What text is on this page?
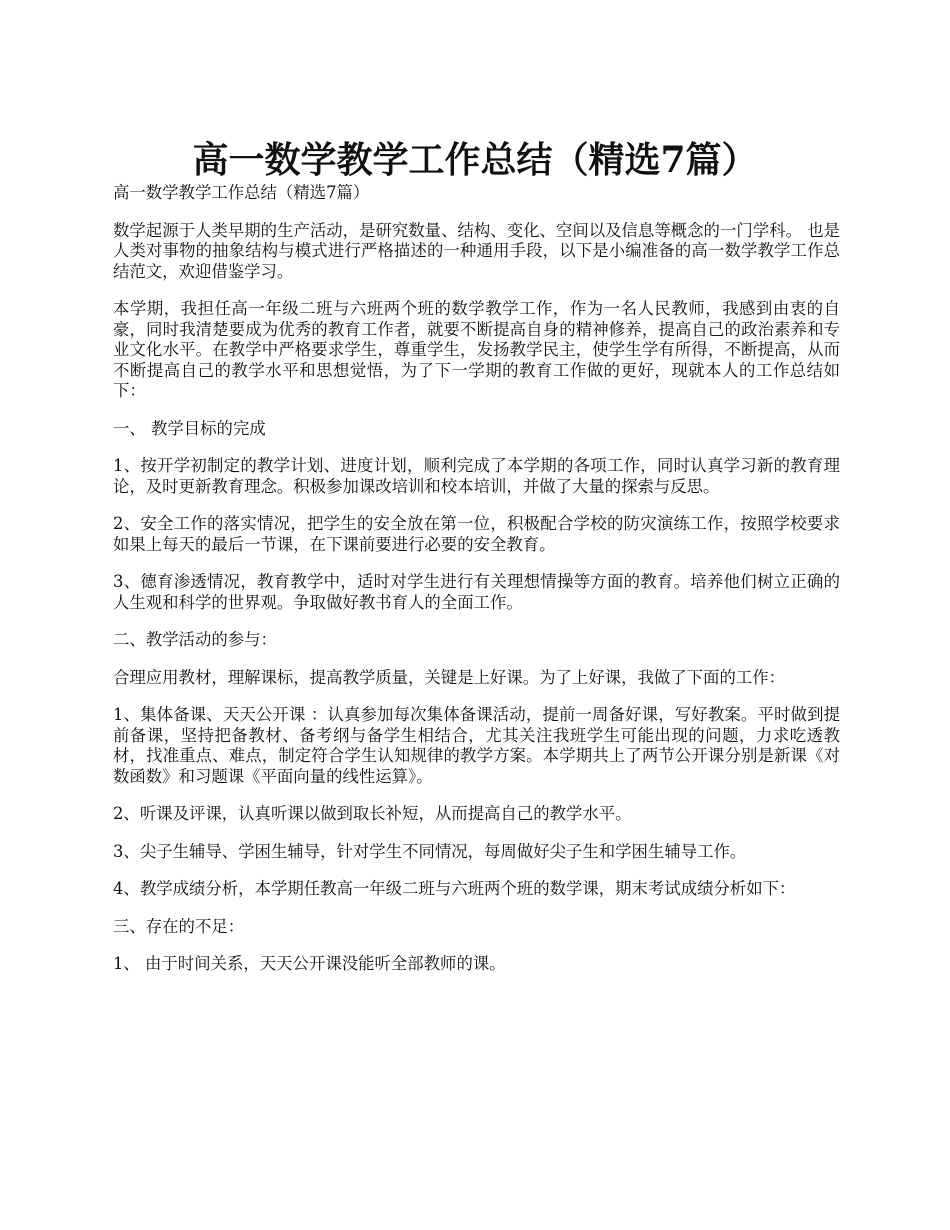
高一数学教学工作总结（精选7篇）

高一数学教学工作总结（精选7篇）

数学起源于人类早期的生产活动，是研究数量、结构、变化、空间以及信息等概念的一门学科。 也是人类对事物的抽象结构与模式进行严格描述的一种通用手段，以下是小编准备的高一数学教学工作总结范文，欢迎借鉴学习。

本学期，我担任高一年级二班与六班两个班的数学教学工作，作为一名人民教师，我感到由衷的自豪，同时我清楚要成为优秀的教育工作者，就要不断提高自身的精神修养，提高自己的政治素养和专业文化水平。在教学中严格要求学生，尊重学生，发扬教学民主，使学生学有所得，不断提高，从而不断提高自己的教学水平和思想觉悟，为了下一学期的教育工作做的更好，现就本人的工作总结如下：

一、 教学目标的完成

1、按开学初制定的教学计划、进度计划，顺利完成了本学期的各项工作，同时认真学习新的教育理论，及时更新教育理念。积极参加课改培训和校本培训，并做了大量的探索与反思。

2、安全工作的落实情况，把学生的安全放在第一位，积极配合学校的防灾演练工作，按照学校要求如果上每天的最后一节课，在下课前要进行必要的安全教育。

3、德育渗透情况，教育教学中，适时对学生进行有关理想情操等方面的教育。培养他们树立正确的人生观和科学的世界观。争取做好教书育人的全面工作。

二、教学活动的参与：

合理应用教材，理解课标，提高教学质量，关键是上好课。为了上好课，我做了下面的工作：

1、集体备课、天天公开课 ：认真参加每次集体备课活动，提前一周备好课，写好教案。平时做到提前备课，坚持把备教材、备考纲与备学生相结合，尤其关注我班学生可能出现的问题，力求吃透教材，找准重点、难点，制定符合学生认知规律的教学方案。本学期共上了两节公开课分别是新课《对数函数》和习题课《平面向量的线性运算》。

2、听课及评课，认真听课以做到取长补短，从而提高自己的教学水平。

3、尖子生辅导、学困生辅导，针对学生不同情况，每周做好尖子生和学困生辅导工作。

4、教学成绩分析，本学期任教高一年级二班与六班两个班的数学课，期末考试成绩分析如下：

三、存在的不足：

1、 由于时间关系，天天公开课没能听全部教师的课。
